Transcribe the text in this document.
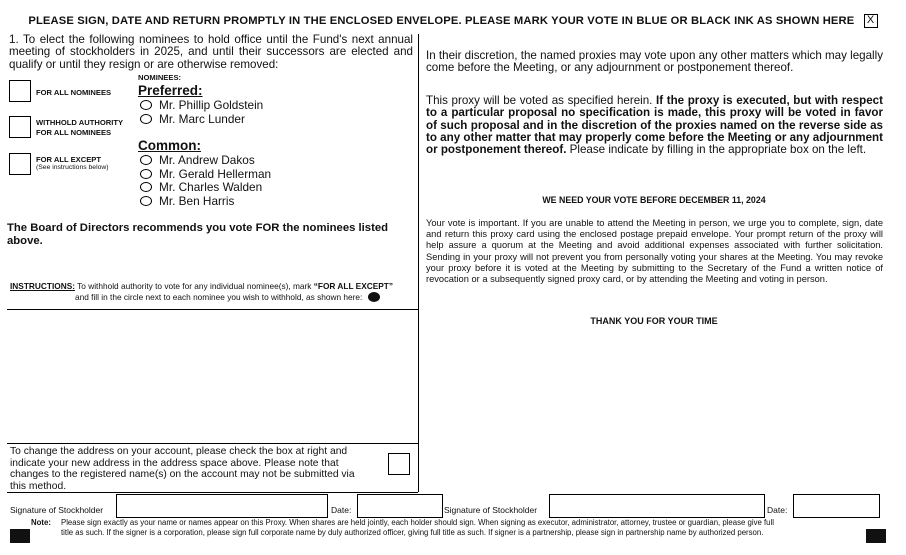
PLEASE SIGN, DATE AND RETURN PROMPTLY IN THE ENCLOSED ENVELOPE. PLEASE MARK YOUR VOTE IN BLUE OR BLACK INK AS SHOWN HERE X
1. To elect the following nominees to hold office until the Fund's next annual meeting of stockholders in 2025, and until their successors are elected and qualify or until they resign or are otherwise removed:
NOMINEES:
FOR ALL NOMINEES
WITHHOLD AUTHORITY
FOR ALL NOMINEES
FOR ALL EXCEPT
(See instructions below)
Preferred:
Mr. Phillip Goldstein
Mr. Marc Lunder
Common:
Mr. Andrew Dakos
Mr. Gerald Hellerman
Mr. Charles Walden
Mr. Ben Harris
The Board of Directors recommends you vote FOR the nominees listed above.
INSTRUCTIONS: To withhold authority to vote for any individual nominee(s), mark “FOR ALL EXCEPT”
and fill in the circle next to each nominee you wish to withhold, as shown here:
To change the address on your account, please check the box at right and indicate your new address in the address space above. Please note that changes to the registered name(s) on the account may not be submitted via this method.
In their discretion, the named proxies may vote upon any other matters which may legally come before the Meeting, or any adjournment or postponement thereof.
This proxy will be voted as specified herein. If the proxy is executed, but with respect to a particular proposal no specification is made, this proxy will be voted in favor of such proposal and in the discretion of the proxies named on the reverse side as to any other matter that may properly come before the Meeting or any adjournment or postponement thereof. Please indicate by filling in the appropriate box on the left.
WE NEED YOUR VOTE BEFORE DECEMBER 11, 2024
Your vote is important. If you are unable to attend the Meeting in person, we urge you to complete, sign, date and return this proxy card using the enclosed postage prepaid envelope. Your prompt return of the proxy will help assure a quorum at the Meeting and avoid additional expenses associated with further solicitation. Sending in your proxy will not prevent you from personally voting your shares at the Meeting. You may revoke your proxy before it is voted at the Meeting by submitting to the Secretary of the Fund a written notice of revocation or a subsequently signed proxy card, or by attending the Meeting and voting in person.
THANK YOU FOR YOUR TIME
Signature of Stockholder	Date:	Signature of Stockholder	Date:
Note: Please sign exactly as your name or names appear on this Proxy. When shares are held jointly, each holder should sign. When signing as executor, administrator, attorney, trustee or guardian, please give full
title as such. If the signer is a corporation, please sign full corporate name by duly authorized officer, giving full title as such. If signer is a partnership, please sign in partnership name by authorized person.
